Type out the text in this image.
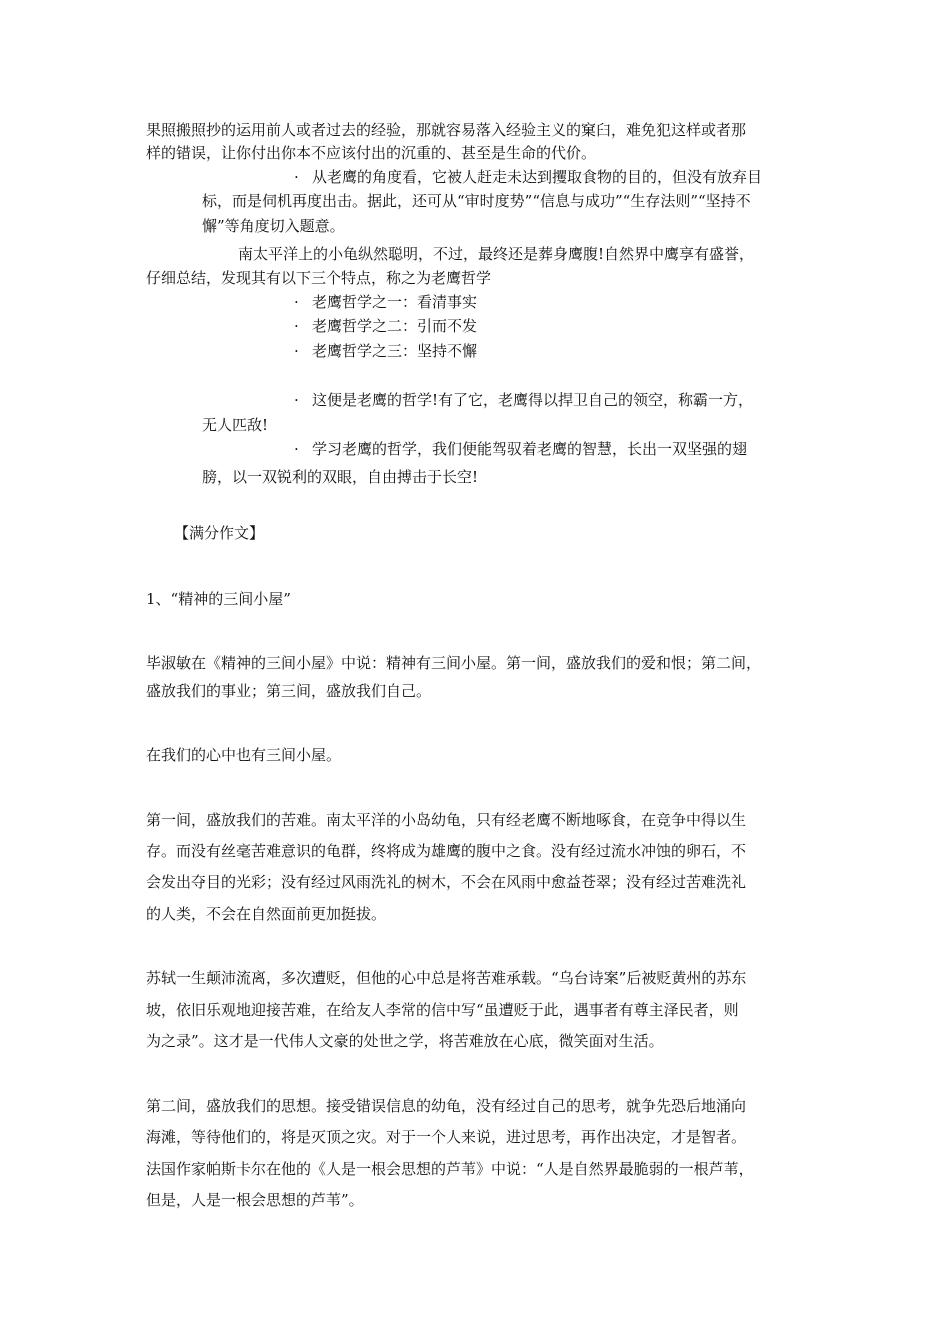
果照搬照抄的运用前人或者过去的经验，那就容易落入经验主义的窠臼，难免犯这样或者那
样的错误，让你付出你本不应该付出的沉重的、甚至是生命的代价。
· 从老鹰的角度看，它被人赶走未达到攫取食物的目的，但没有放弃目
标，而是伺机再度出击。据此，还可从“审时度势”“信息与成功”“生存法则”“坚持不
懈”等角度切入题意。
南太平洋上的小龟纵然聪明，不过，最终还是葬身鹰腹!自然界中鹰享有盛誉，
仔细总结，发现其有以下三个特点，称之为老鹰哲学
· 老鹰哲学之一：看清事实
· 老鹰哲学之二：引而不发
· 老鹰哲学之三：坚持不懈
· 这便是老鹰的哲学!有了它，老鹰得以捍卫自己的领空，称霸一方，
无人匹敌!
· 学习老鹰的哲学，我们便能驾驭着老鹰的智慧，长出一双坚强的翅
膀，以一双锐利的双眼，自由搏击于长空!
【满分作文】
1、“精神的三间小屋”
毕淑敏在《精神的三间小屋》中说：精神有三间小屋。第一间，盛放我们的爱和恨；第二间，
盛放我们的事业；第三间，盛放我们自己。
在我们的心中也有三间小屋。
第一间，盛放我们的苦难。南太平洋的小岛幼龟，只有经老鹰不断地啄食，在竞争中得以生
存。而没有丝毫苦难意识的龟群，终将成为雄鹰的腹中之食。没有经过流水冲蚀的卵石，不
会发出夺目的光彩；没有经过风雨洗礼的树木，不会在风雨中愈益苍翠；没有经过苦难洗礼
的人类，不会在自然面前更加挺拔。
苏轼一生颠沛流离，多次遭贬，但他的心中总是将苦难承载。“乌台诗案”后被贬黄州的苏东
坡，依旧乐观地迎接苦难，在给友人李常的信中写“虽遭贬于此，遇事者有尊主泽民者，则
为之录”。这才是一代伟人文豪的处世之学，将苦难放在心底，微笑面对生活。
第二间，盛放我们的思想。接受错误信息的幼龟，没有经过自己的思考，就争先恐后地涌向
海滩，等待他们的，将是灭顶之灾。对于一个人来说，进过思考，再作出决定，才是智者。
法国作家帕斯卡尔在他的《人是一根会思想的芦苇》中说：“人是自然界最脆弱的一根芦苇，
但是，人是一根会思想的芦苇”。
